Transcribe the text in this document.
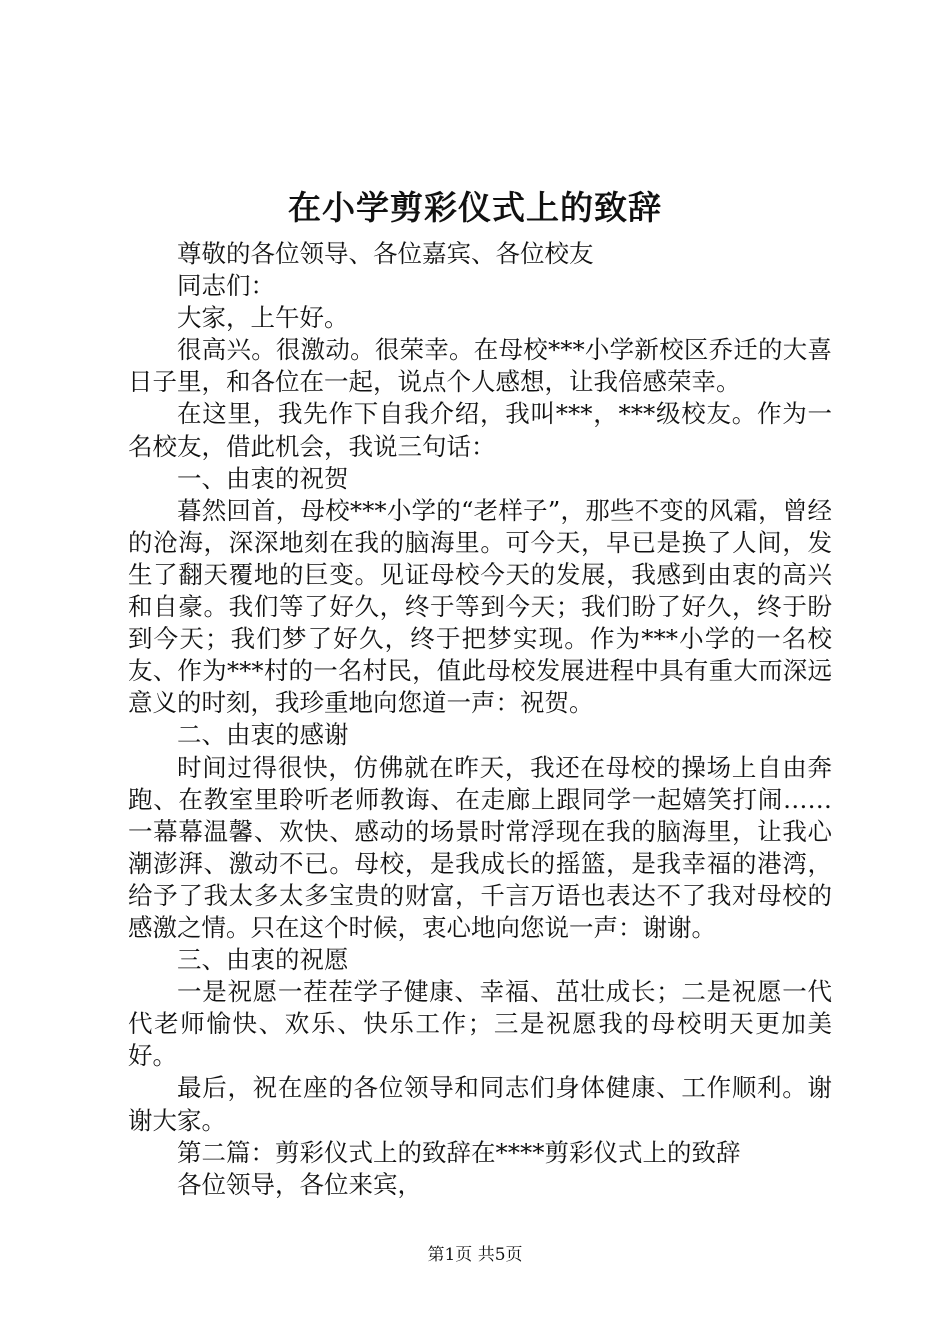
在小学剪彩仪式上的致辞

尊敬的各位领导、各位嘉宾、各位校友

同志们：

大家，上午好。

很高兴。很激动。很荣幸。在母校***小学新校区乔迁的大喜日子里，和各位在一起，说点个人感想，让我倍感荣幸。

在这里，我先作下自我介绍，我叫***，***级校友。作为一名校友，借此机会，我说三句话：

一、由衷的祝贺

暮然回首，母校***小学的“老样子”，那些不变的风霜，曾经的沧海，深深地刻在我的脑海里。可今天，早已是换了人间，发生了翻天覆地的巨变。见证母校今天的发展，我感到由衷的高兴和自豪。我们等了好久，终于等到今天；我们盼了好久，终于盼到今天；我们梦了好久，终于把梦实现。作为***小学的一名校友、作为***村的一名村民，值此母校发展进程中具有重大而深远意义的时刻，我珍重地向您道一声：祝贺。

二、由衷的感谢

时间过得很快，仿佛就在昨天，我还在母校的操场上自由奔跑、在教室里聆听老师教诲、在走廊上跟同学一起嬉笑打闹……一幕幕温馨、欢快、感动的场景时常浮现在我的脑海里，让我心潮澎湃、激动不已。母校，是我成长的摇篮，是我幸福的港湾，给予了我太多太多宝贵的财富，千言万语也表达不了我对母校的感激之情。只在这个时候，衷心地向您说一声：谢谢。

三、由衷的祝愿

一是祝愿一茬茬学子健康、幸福、茁壮成长；二是祝愿一代代老师愉快、欢乐、快乐工作；三是祝愿我的母校明天更加美好。

最后，祝在座的各位领导和同志们身体健康、工作顺利。谢谢大家。

第二篇：剪彩仪式上的致辞在****剪彩仪式上的致辞

各位领导，各位来宾，

第1页 共5页
